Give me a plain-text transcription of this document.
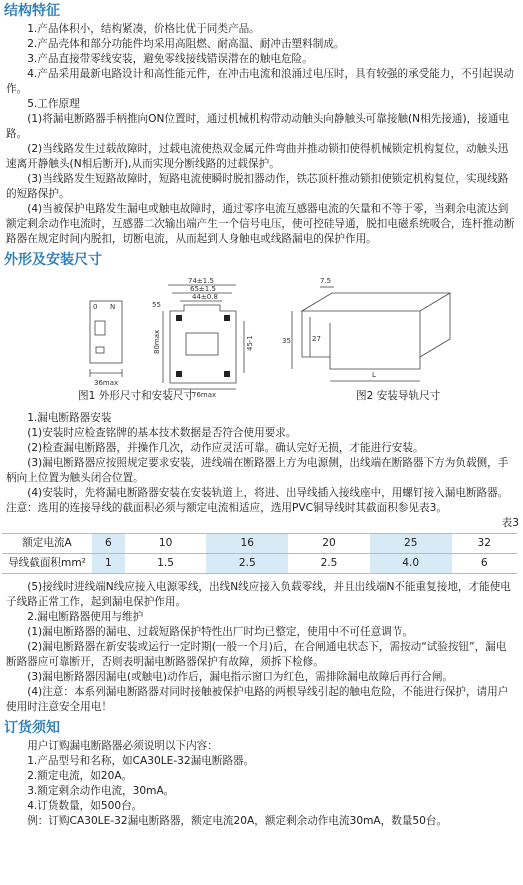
结构特征

1.产品体积小，结构紧凑，价格比优于同类产品。

2.产品壳体和部分功能件均采用高阻燃、耐高温、耐冲击塑料制成。

3.产品直接带零线安装，避免零线接线错误潜在的触电危险。

4.产品采用最新电路设计和高性能元件，在冲击电流和浪涌过电压时，具有较强的承受能力，不引起误动作。

5.工作原理

(1)将漏电断路器手柄推向ON位置时，通过机械机构带动动触头向静触头可靠接触(N相先接通)，接通电路。

(2)当线路发生过载故障时，过载电流使热双金属元件弯曲并推动锁扣使得机械锁定机构复位，动触头迅速离开静触头(N相后断开),从而实现分断线路的过载保护。

(3)当线路发生短路故障时，短路电流使瞬时脱扣器动作，铁芯顶杆推动锁扣使锁定机构复位，实现线路的短路保护。

(4)当被保护电路发生漏电或触电故障时，通过零序电流互感器电流的矢量和不等于零，当剩余电流达到额定剩余动作电流时，互感器二次输出端产生一个信号电压，使可控硅导通，脱扣电磁系统吸合，连杆推动断路器在规定时间内脱扣，切断电流，从而起到人身触电或线路漏电的保护作用。

外形及安装尺寸
74±1.5
65±1.5
44±0.8
55
80max	45-1
76max
36max
0 N
7.5
35	27
L
图1 外形尺寸和安装尺寸	图2 安装导轨尺寸

1.漏电断路器安装

(1)安装时应检查铭牌的基本技术数据是否符合使用要求。

(2)检查漏电断路器，并操作几次，动作应灵活可靠。确认完好无损，才能进行安装。

(3)漏电断路器应按照规定要求安装，进线端在断路器上方为电源侧，出线端在断路器下方为负载侧，手柄向上位置为触头闭合位置。

(4)安装时，先将漏电断路器安装在安装轨道上，将进、出导线插入接线座中，用螺钉接入漏电断路器。注意：选用的连接导线的截面积必须与额定电流相适应，选用PVC铜导线时其截面积参见表3。

表3

额定电流A	6	10	16	20	25	32
导线截面积mm²	1	1.5	2.5	2.5	4.0	6

(5)接线时进线端N线应接入电源零线，出线N线应接入负载零线，并且出线端N不能重复接地，才能使电子线路正常工作，起到漏电保护作用。

2.漏电断路器使用与维护

(1)漏电断路器的漏电、过载短路保护特性出厂时均已整定，使用中不可任意调节。

(2)漏电断路器在新安装或运行一定时期(一般一个月)后，在合闸通电状态下，需按动“试验按钮”，漏电断路器应可靠断开，否则表明漏电断路器保护有故障，须拆下检修。

(3)漏电断路器因漏电(或触电)动作后，漏电指示窗口为红色，需排除漏电故障后再行合闸。

(4)注意：本系列漏电断路器对同时接触被保护电路的两根导线引起的触电危险，不能进行保护，请用户使用时注意安全用电！

订货须知

用户订购漏电断路器必须说明以下内容：

1.产品型号和名称，如CA30LE-32漏电断路器。

2.额定电流，如20A。

3.额定剩余动作电流，30mA。

4.订货数量，如500台。

例：订购CA30LE-32漏电断路器，额定电流20A，额定剩余动作电流30mA，数量50台。
